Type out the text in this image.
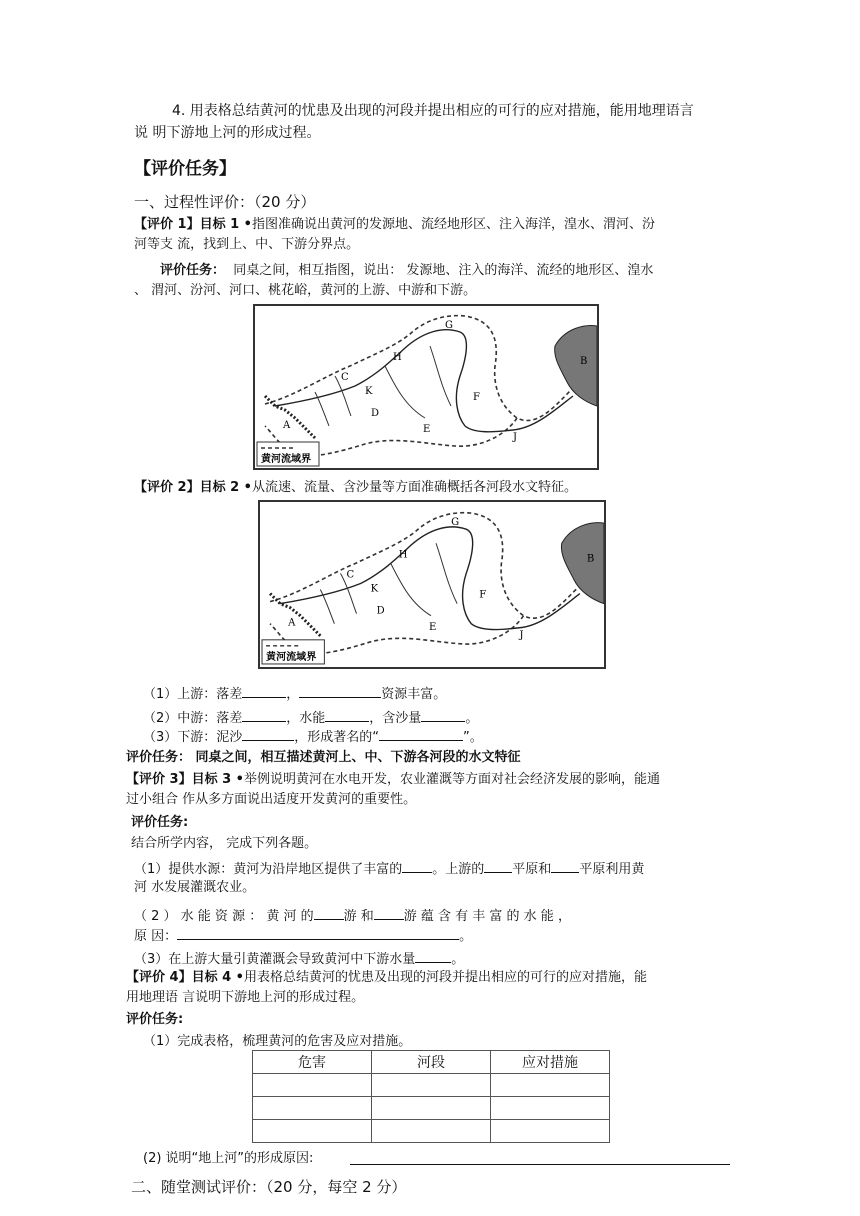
4. 用表格总结黄河的忧患及出现的河段并提出相应的可行的应对措施，能用地理语言
说 明下游地上河的形成过程。
【评价任务】
一、过程性评价：（20 分）
【评价 1】目标 1 •指图准确说出黄河的发源地、流经地形区、注入海洋，湟水、渭河、汾
河等支 流，找到上、中、下游分界点。
评价任务： 同桌之间，相互指图，说出： 发源地、注入的海洋、流经的地形区、湟水
、 渭河、汾河、河口、桃花峪，黄河的上游、中游和下游。
黄河流域界
A
B
C
D
E
F
G
H
J
K
【评价 2】目标 2 •从流速、流量、含沙量等方面准确概括各河段水文特征。
黄河流域界
A
B
C
D
E
F
G
H
J
K
（1）上游：落差	，	资源丰富。
（2）中游：落差	，水能	，含沙量	。
（3）下游：泥沙	，形成著名的“	”。
评价任务： 同桌之间，相互描述黄河上、中、下游各河段的水文特征
【评价 3】目标 3 •举例说明黄河在水电开发，农业灌溉等方面对社会经济发展的影响，能通
过小组合 作从多方面说出适度开发黄河的重要性。
评价任务:
结合所学内容， 完成下列各题。
（1）提供水源：黄河为沿岸地区提供了丰富的 。上游的 平原和 平原利用黄
河 水发展灌溉农业。
（ 2 ） 水 能 资 源 ： 黄 河 的 游 和 游 蕴 含 有 丰 富 的 水 能 ，
原 因：	。
（3）在上游大量引黄灌溉会导致黄河中下游水量	。
【评价 4】目标 4 •用表格总结黄河的忧患及出现的河段并提出相应的可行的应对措施，能
用地理语 言说明下游地上河的形成过程。
评价任务:
（1）完成表格，梳理黄河的危害及应对措施。
危害	河段	应对措施

(2) 说明“地上河”的形成原因:
二、随堂测试评价：（20 分，每空 2 分）
